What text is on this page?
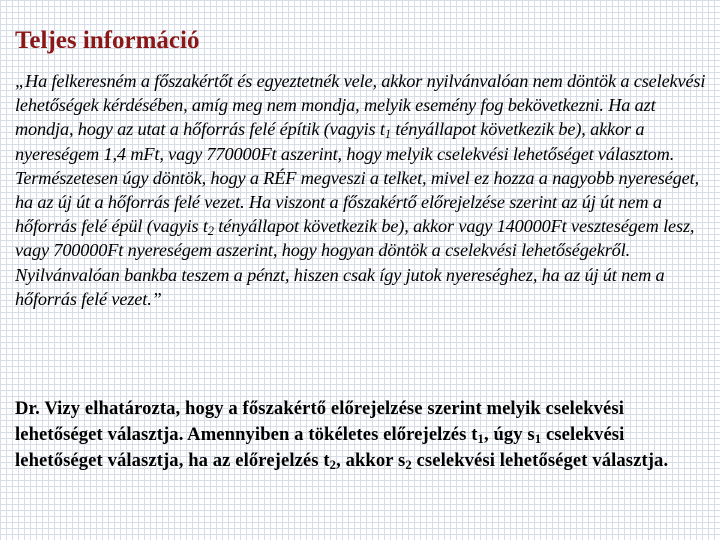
Teljes információ
„Ha felkeresném a főszakértőt és egyeztetnék vele, akkor nyilvánvalóan nem döntök a cselekvési lehetőségek kérdésében, amíg meg nem mondja, melyik esemény fog bekövetkezni. Ha azt mondja, hogy az utat a hőforrás felé építik (vagyis $t_1$ tényállapot következik be), akkor a nyereségem 1,4 mFt, vagy 770000Ft aszerint, hogy melyik cselekvési lehetőséget választom.
Természetesen úgy döntök, hogy a RÉF megveszi a telket, mivel ez hozza a nagyobb nyereséget, ha az új út a hőforrás felé vezet. Ha viszont a főszakértő előrejelzése szerint az új út nem a hőforrás felé épül (vagyis $t_2$ tényállapot következik be), akkor vagy 140000Ft veszteségem lesz, vagy 700000Ft nyereségem aszerint, hogy hogyan döntök a cselekvési lehetőségekről.
Nyilvánvalóan bankba teszem a pénzt, hiszen csak így jutok nyereséghez, ha az új út nem a hőforrás felé vezet.”
Dr. Vizy elhatározta, hogy a főszakértő előrejelzése szerint melyik cselekvési lehetőséget választja. Amennyiben a tökéletes előrejelzés $t_1$, úgy $s_1$ cselekvési lehetőséget választja, ha az előrejelzés $t_2$, akkor $s_2$ cselekvési lehetőséget választja.
